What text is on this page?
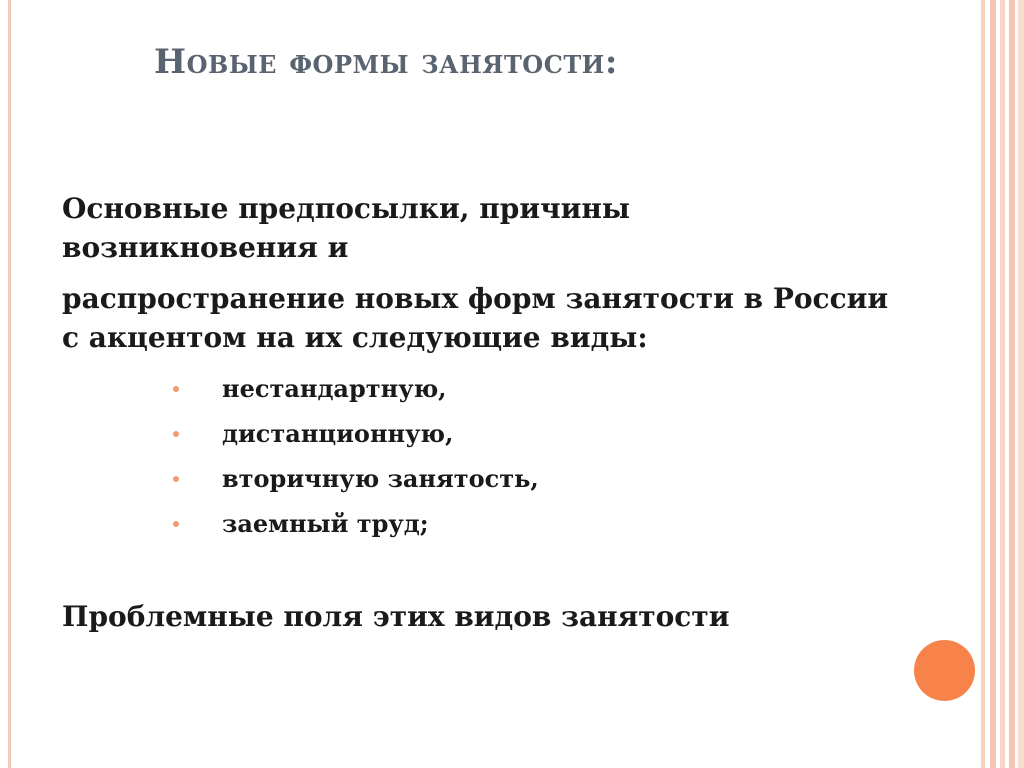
Новые формы занятости:

Основные предпосылки, причины возникновения и

распространение новых форм занятости в России с акцентом на их следующие виды:

нестандартную,
дистанционную,
вторичную занятость,
заемный труд;

Проблемные поля этих видов занятости
